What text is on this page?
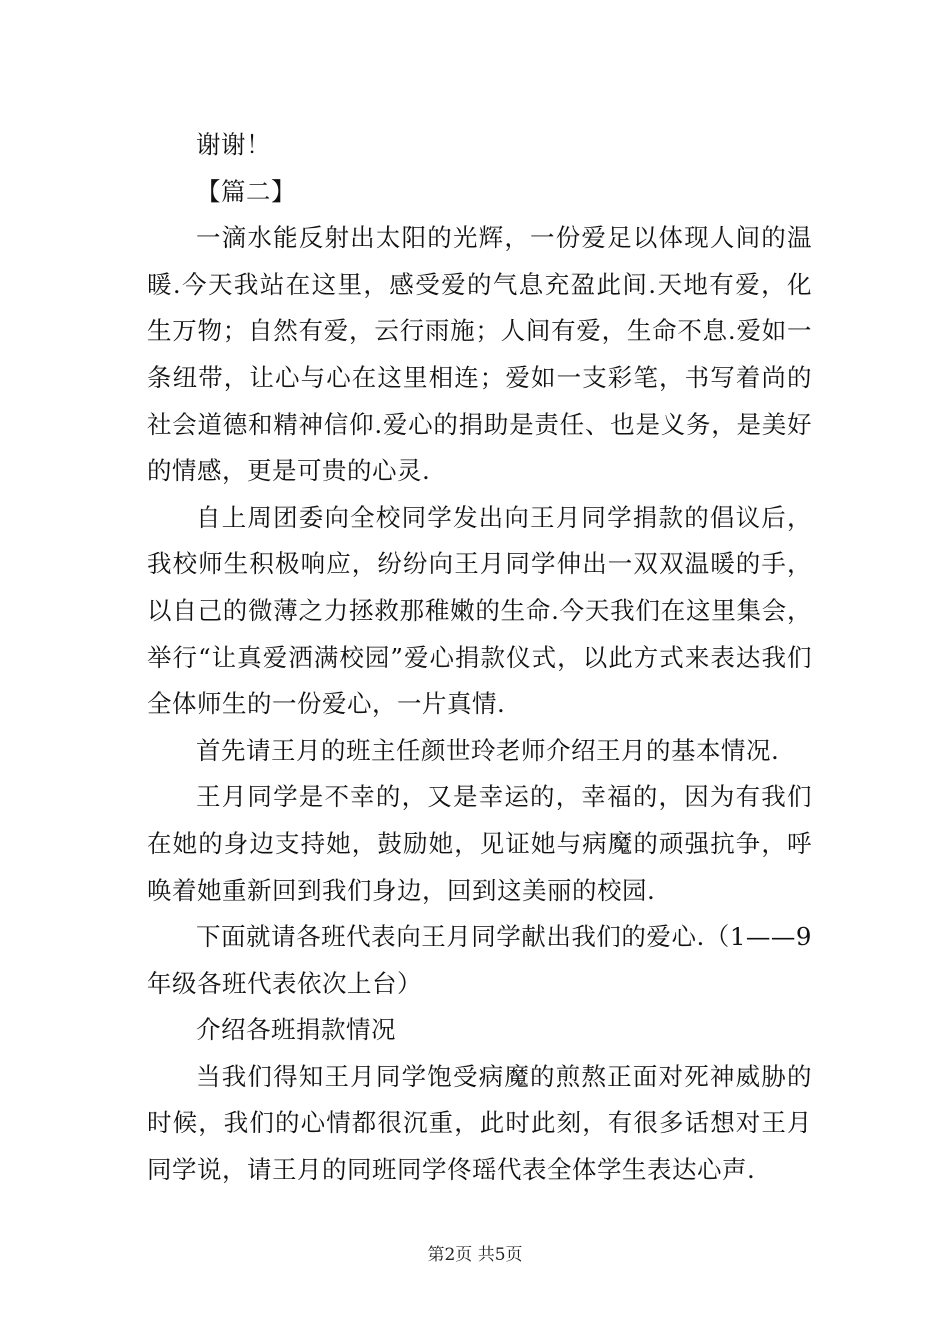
谢谢！

【篇二】

一滴水能反射出太阳的光辉，一份爱足以体现人间的温暖.今天我站在这里，感受爱的气息充盈此间.天地有爱，化生万物；自然有爱，云行雨施；人间有爱，生命不息.爱如一条纽带，让心与心在这里相连；爱如一支彩笔，书写着尚的社会道德和精神信仰.爱心的捐助是责任、也是义务，是美好的情感，更是可贵的心灵.

自上周团委向全校同学发出向王月同学捐款的倡议后，我校师生积极响应，纷纷向王月同学伸出一双双温暖的手，以自己的微薄之力拯救那稚嫩的生命.今天我们在这里集会，举行“让真爱洒满校园”爱心捐款仪式，以此方式来表达我们全体师生的一份爱心，一片真情.

首先请王月的班主任颜世玲老师介绍王月的基本情况.

王月同学是不幸的，又是幸运的，幸福的，因为有我们在她的身边支持她，鼓励她，见证她与病魔的顽强抗争，呼唤着她重新回到我们身边，回到这美丽的校园.

下面就请各班代表向王月同学献出我们的爱心.（1——9年级各班代表依次上台）

介绍各班捐款情况

当我们得知王月同学饱受病魔的煎熬正面对死神威胁的时候，我们的心情都很沉重，此时此刻，有很多话想对王月同学说，请王月的同班同学佟瑶代表全体学生表达心声.

第2页 共5页
